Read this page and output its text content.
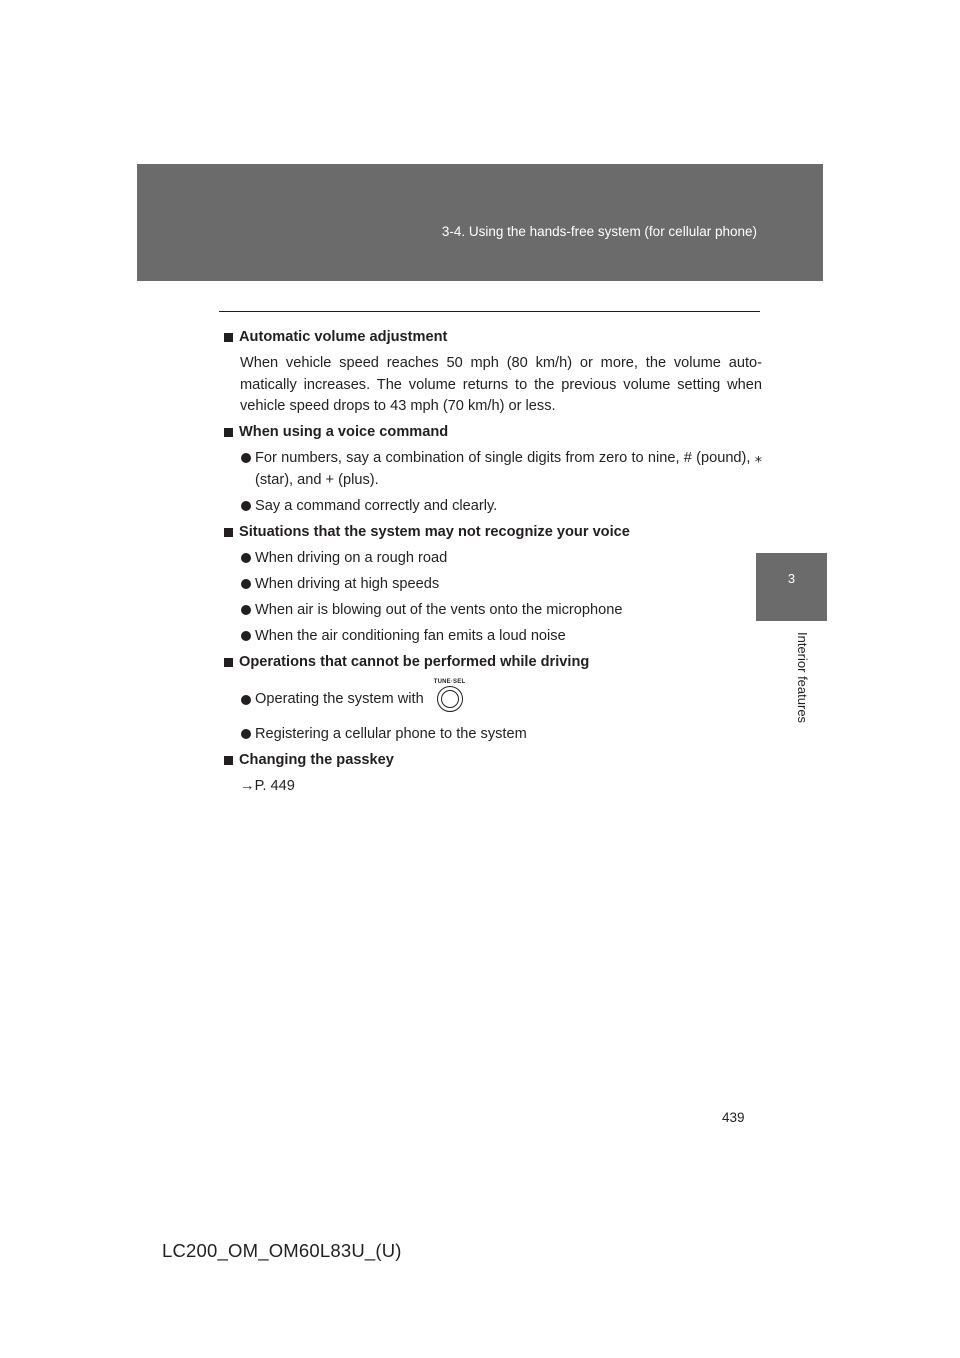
3-4. Using the hands-free system (for cellular phone)
3
Interior features
Automatic volume adjustment
When vehicle speed reaches 50 mph (80 km/h) or more, the volume auto-matically increases. The volume returns to the previous volume setting when vehicle speed drops to 43 mph (70 km/h) or less.
When using a voice command
For numbers, say a combination of single digits from zero to nine, # (pound), ⁎ (star), and + (plus).
Say a command correctly and clearly.
Situations that the system may not recognize your voice
When driving on a rough road
When driving at high speeds
When air is blowing out of the vents onto the microphone
When the air conditioning fan emits a loud noise
Operations that cannot be performed while driving
Operating the system with
TUNE·SEL
Registering a cellular phone to the system
Changing the passkey
→P. 449
439
LC200_OM_OM60L83U_(U)
